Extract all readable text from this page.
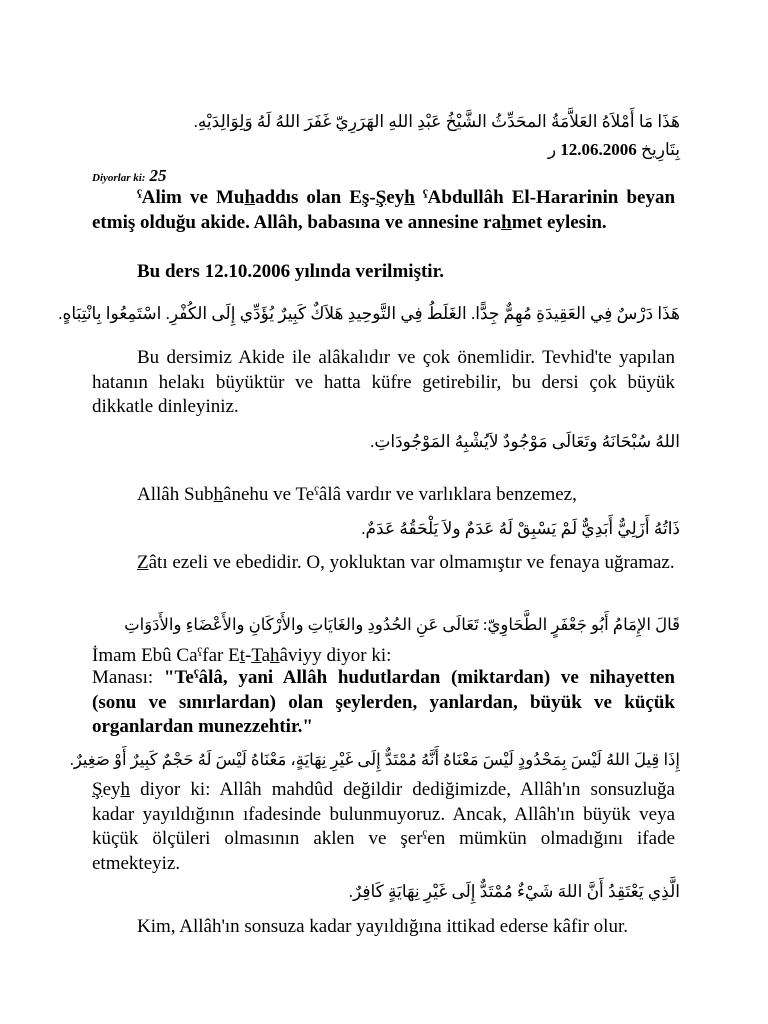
هَذَا مَا أَمْلاَهُ العَلاَّمَةُ المحَدِّثُ الشَّيْخُ عَبْدِ اللهِ الهَرَرِيّ غَفَرَ اللهُ لَهُ وَلِوَالِدَيْهِ.
بِتَارِيخ 12.06.2006 ر
Diyorlar ki: 25
ˁAlim ve Muhaddıs olan Eş-Şeyh ˁAbdullâh El-Hararinin beyan etmiş olduğu akide. Allâh, babasına ve annesine rahmet eylesin.
Bu ders 12.10.2006 yılında verilmiştir.
هَذَا دَرْسٌ فِي العَقِيدَةِ مُهِمٌّ جِدًّا. الغَلَطُ فِي التَّوحِيدِ هَلاَكٌ كَبِيرٌ يُؤَدِّي إِلَى الكُفْرِ. اسْتَمِعُوا بِانْتِبَاهٍ.
Bu dersimiz Akide ile alâkalıdır ve çok önemlidir. Tevhid'te yapılan hatanın helakı büyüktür ve hatta küfre getirebilir, bu dersi çok büyük dikkatle dinleyiniz.
اللهُ سُبْحَانَهُ وتَعَالَى مَوْجُودٌ لاَيُشْبِهُ المَوْجُودَاتِ.
Allâh Subhânehu ve Teˁâlâ vardır ve varlıklara benzemez,
ذَاتُهُ أَزَلِيٌّ أَبَدِيٌّ لَمْ يَسْبِقْ لَهُ عَدَمٌ ولاَ يَلْحَقُهُ عَدَمٌ.
Zâtı ezeli ve ebedidir. O, yokluktan var olmamıştır ve fenaya uğramaz.
قَالَ الإِمَامُ أَبُو جَعْفَرٍ الطَّحَاوِيّ: تَعَالَى عَنِ الحُدُودِ والغَايَاتِ والأَرْكَانِ والأَعْضَاءِ والأَدَوَاتِ
İmam Ebû Caˁfar Et-Tahâviyy diyor ki:
Manası: "Teˁâlâ, yani Allâh hudutlardan (miktardan) ve nihayetten (sonu ve sınırlardan) olan şeylerden, yanlardan, büyük ve küçük organlardan munezzehtir."
إِذَا قِيلَ اللهُ لَيْسَ بِمَحْدُودٍ لَيْسَ مَعْنَاهُ أَنَّهُ مُمْتَدٌّ إِلَى غَيْرِ نِهَايَةٍ، مَعْنَاهُ لَيْسَ لَهُ حَجْمٌ كَبِيرٌ أَوْ صَغِيرٌ.
Şeyh diyor ki: Allâh mahdûd değildir dediğimizde, Allâh'ın sonsuzluğa kadar yayıldığının ıfadesinde bulunmuyoruz. Ancak, Allâh'ın büyük veya küçük ölçüleri olmasının aklen ve şerˁen mümkün olmadığını ifade etmekteyiz.
الَّذِي يَعْتَقِدُ أَنَّ اللهَ شَيْءٌ مُمْتَدٌّ إِلَى غَيْرِ نِهَايَةٍ كَافِرٌ.
Kim, Allâh'ın sonsuza kadar yayıldığına ittikad ederse kâfir olur.
